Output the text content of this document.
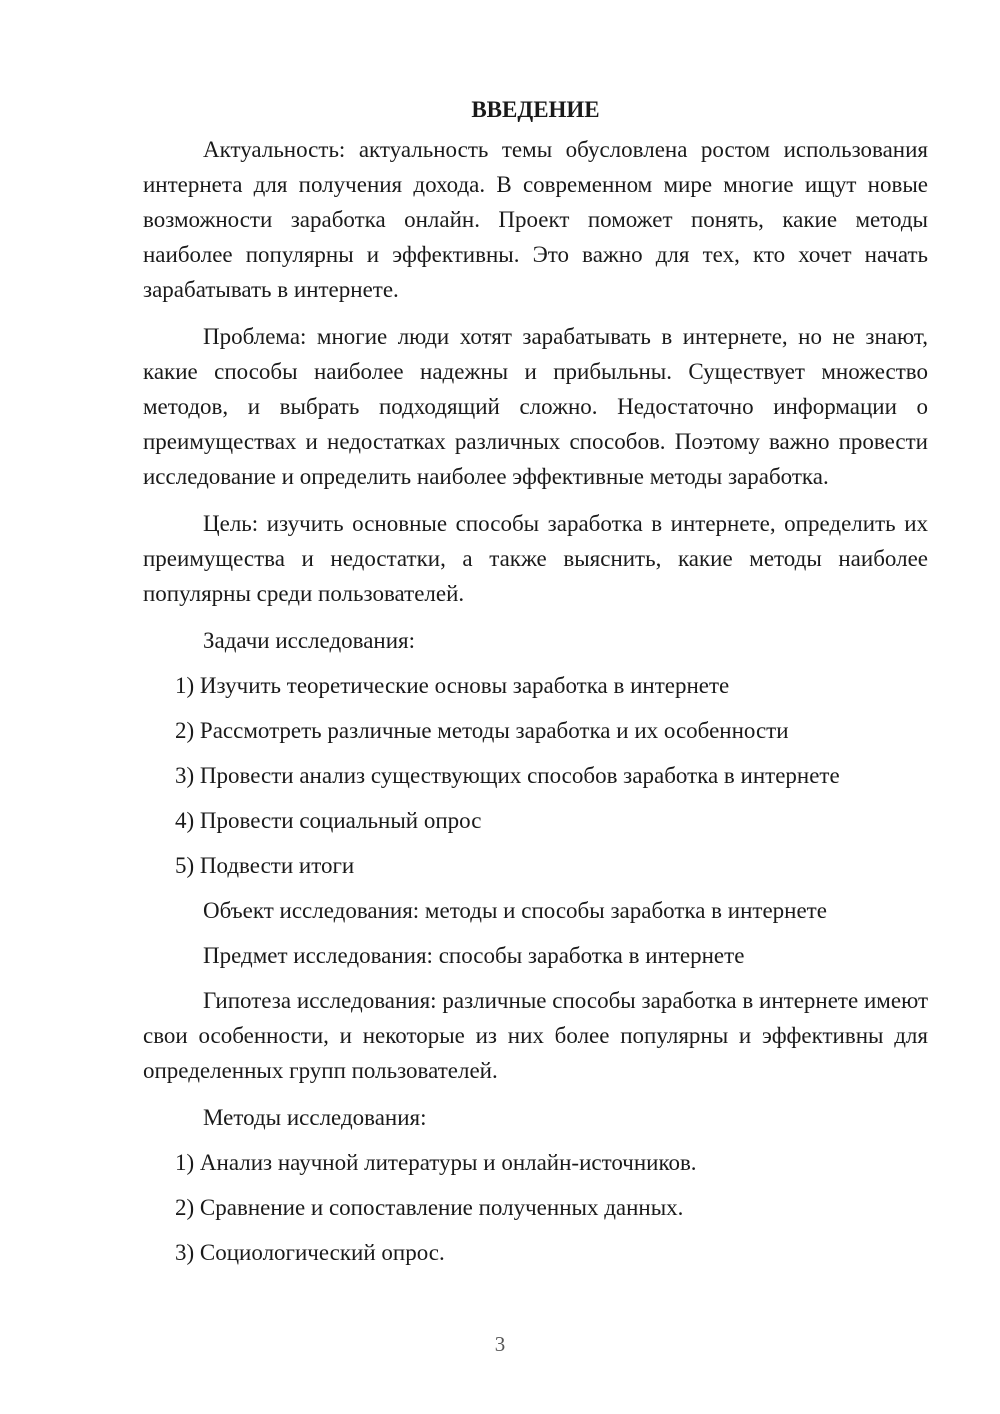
ВВЕДЕНИЕ

Актуальность: актуальность темы обусловлена ростом использования интернета для получения дохода. В современном мире многие ищут новые возможности заработка онлайн. Проект поможет понять, какие методы наиболее популярны и эффективны. Это важно для тех, кто хочет начать зарабатывать в интернете.

Проблема: многие люди хотят зарабатывать в интернете, но не знают, какие способы наиболее надежны и прибыльны. Существует множество методов, и выбрать подходящий сложно. Недостаточно информации о преимуществах и недостатках различных способов. Поэтому важно провести исследование и определить наиболее эффективные методы заработка.

Цель: изучить основные способы заработка в интернете, определить их преимущества и недостатки, а также выяснить, какие методы наиболее популярны среди пользователей.

Задачи исследования:
1) Изучить теоретические основы заработка в интернете
2) Рассмотреть различные методы заработка и их особенности
3) Провести анализ существующих способов заработка в интернете
4) Провести социальный опрос
5) Подвести итоги
Объект исследования: методы и способы заработка в интернете
Предмет исследования: способы заработка в интернете

Гипотеза исследования: различные способы заработка в интернете имеют свои особенности, и некоторые из них более популярны и эффективны для определенных групп пользователей.

Методы исследования:
1) Анализ научной литературы и онлайн-источников.
2) Сравнение и сопоставление полученных данных.
3) Социологический опрос.
3
